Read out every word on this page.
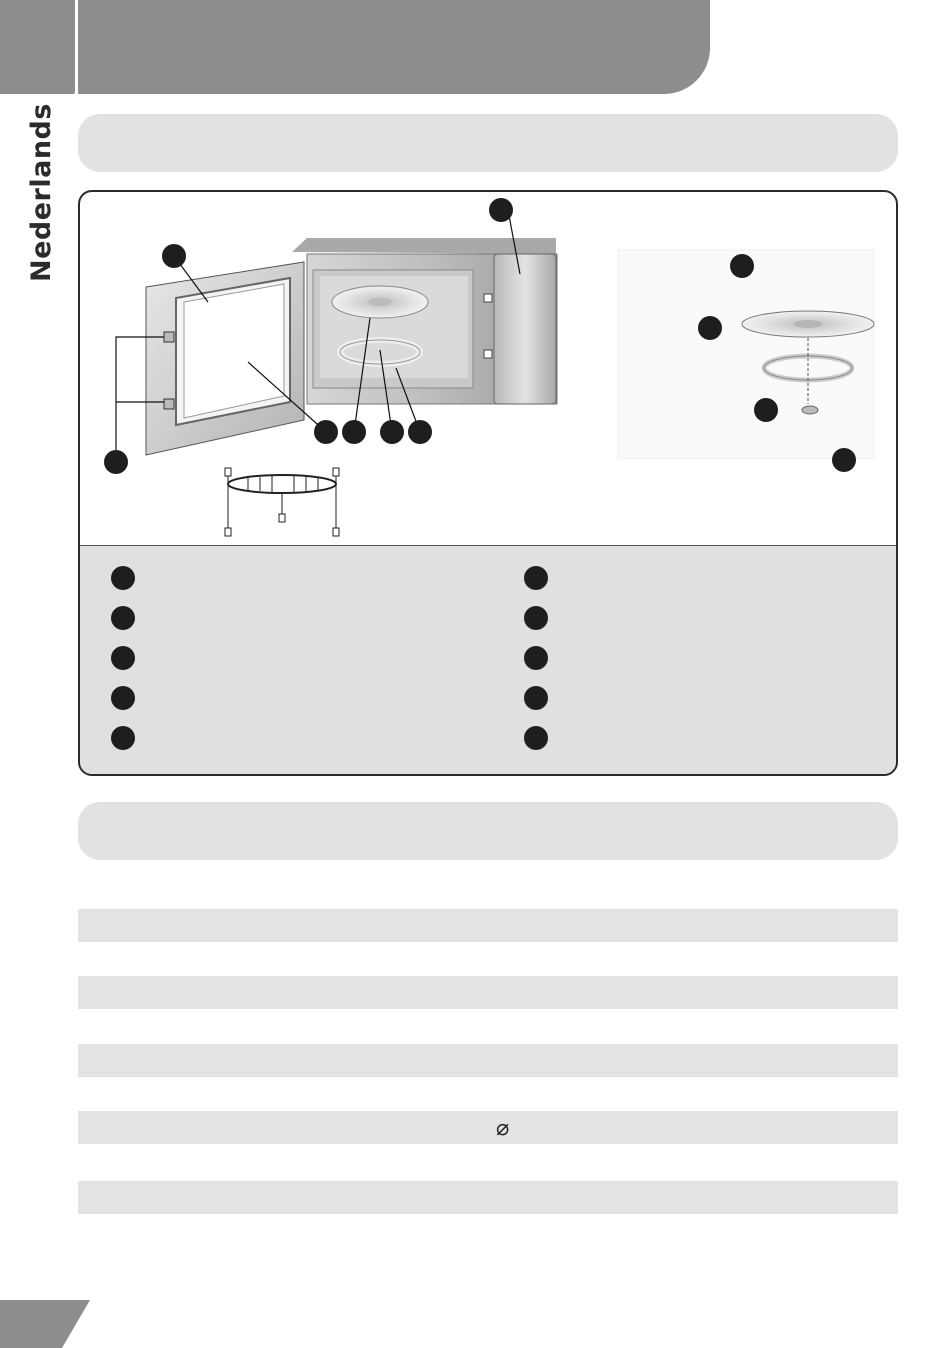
Nederlands
⌀
